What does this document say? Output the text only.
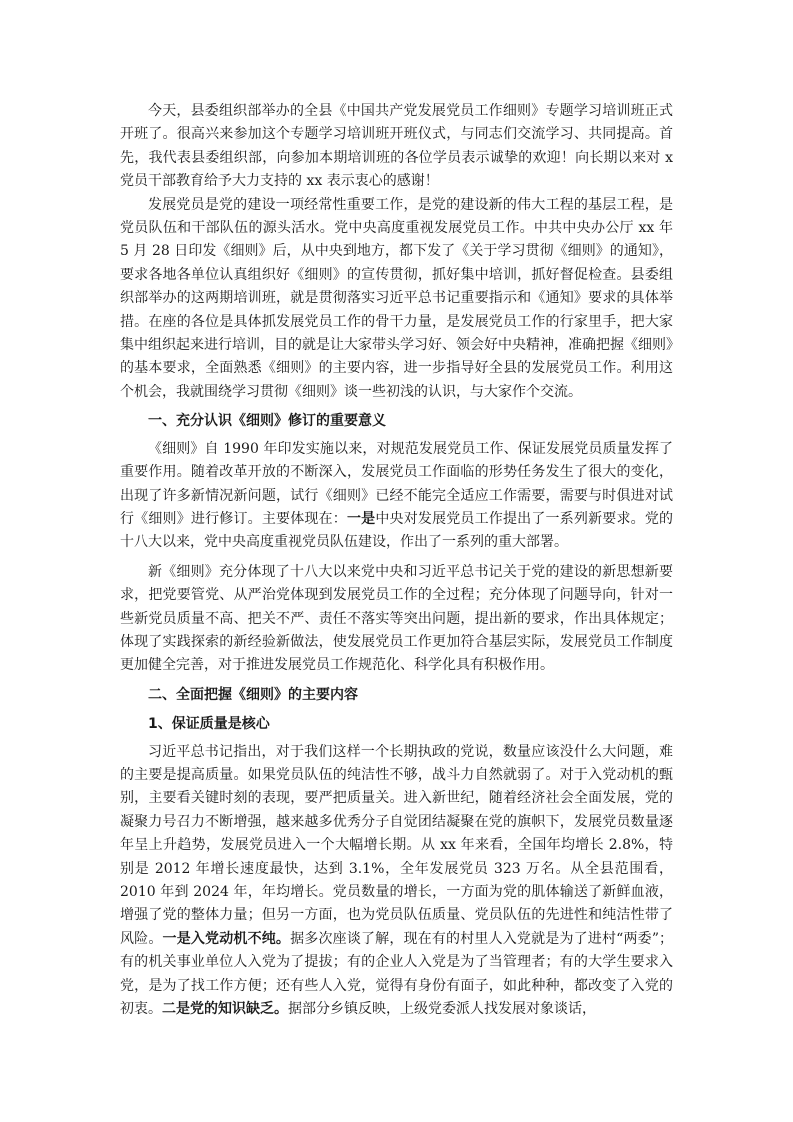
今天，县委组织部举办的全县《中国共产党发展党员工作细则》专题学习培训班正式开班了。很高兴来参加这个专题学习培训班开班仪式，与同志们交流学习、共同提高。首先，我代表县委组织部，向参加本期培训班的各位学员表示诚挚的欢迎！向长期以来对 x 党员干部教育给予大力支持的 xx 表示衷心的感谢！

发展党员是党的建设一项经常性重要工作，是党的建设新的伟大工程的基层工程，是党员队伍和干部队伍的源头活水。党中央高度重视发展党员工作。中共中央办公厅 xx 年 5 月 28 日印发《细则》后，从中央到地方，都下发了《关于学习贯彻《细则》的通知》，要求各地各单位认真组织好《细则》的宣传贯彻，抓好集中培训，抓好督促检查。县委组织部举办的这两期培训班，就是贯彻落实习近平总书记重要指示和《通知》要求的具体举措。在座的各位是具体抓发展党员工作的骨干力量，是发展党员工作的行家里手，把大家集中组织起来进行培训，目的就是让大家带头学习好、领会好中央精神，准确把握《细则》的基本要求，全面熟悉《细则》的主要内容，进一步指导好全县的发展党员工作。利用这个机会，我就围绕学习贯彻《细则》谈一些初浅的认识，与大家作个交流。

一、充分认识《细则》修订的重要意义

《细则》自 1990 年印发实施以来，对规范发展党员工作、保证发展党员质量发挥了重要作用。随着改革开放的不断深入，发展党员工作面临的形势任务发生了很大的变化，出现了许多新情况新问题，试行《细则》已经不能完全适应工作需要，需要与时俱进对试行《细则》进行修订。主要体现在：一是中央对发展党员工作提出了一系列新要求。党的十八大以来，党中央高度重视党员队伍建设，作出了一系列的重大部署。

新《细则》充分体现了十八大以来党中央和习近平总书记关于党的建设的新思想新要求，把党要管党、从严治党体现到发展党员工作的全过程；充分体现了问题导向，针对一些新党员质量不高、把关不严、责任不落实等突出问题，提出新的要求，作出具体规定；体现了实践探索的新经验新做法，使发展党员工作更加符合基层实际，发展党员工作制度更加健全完善，对于推进发展党员工作规范化、科学化具有积极作用。

二、全面把握《细则》的主要内容
1、保证质量是核心

习近平总书记指出，对于我们这样一个长期执政的党说，数量应该没什么大问题，难的主要是提高质量。如果党员队伍的纯洁性不够，战斗力自然就弱了。对于入党动机的甄别，主要看关键时刻的表现，要严把质量关。进入新世纪，随着经济社会全面发展，党的凝聚力号召力不断增强，越来越多优秀分子自觉团结凝聚在党的旗帜下，发展党员数量逐年呈上升趋势，发展党员进入一个大幅增长期。从 xx 年来看，全国年均增长 2.8%，特别是 2012 年增长速度最快，达到 3.1%，全年发展党员 323 万名。从全县范围看，2010 年到 2024 年，年均增长。党员数量的增长，一方面为党的肌体输送了新鲜血液，增强了党的整体力量；但另一方面，也为党员队伍质量、党员队伍的先进性和纯洁性带了风险。一是入党动机不纯。据多次座谈了解，现在有的村里人入党就是为了进村“两委”；有的机关事业单位人入党为了提拔；有的企业人入党是为了当管理者；有的大学生要求入党，是为了找工作方便；还有些人入党，觉得有身份有面子，如此种种，都改变了入党的初衷。二是党的知识缺乏。据部分乡镇反映，上级党委派人找发展对象谈话，
